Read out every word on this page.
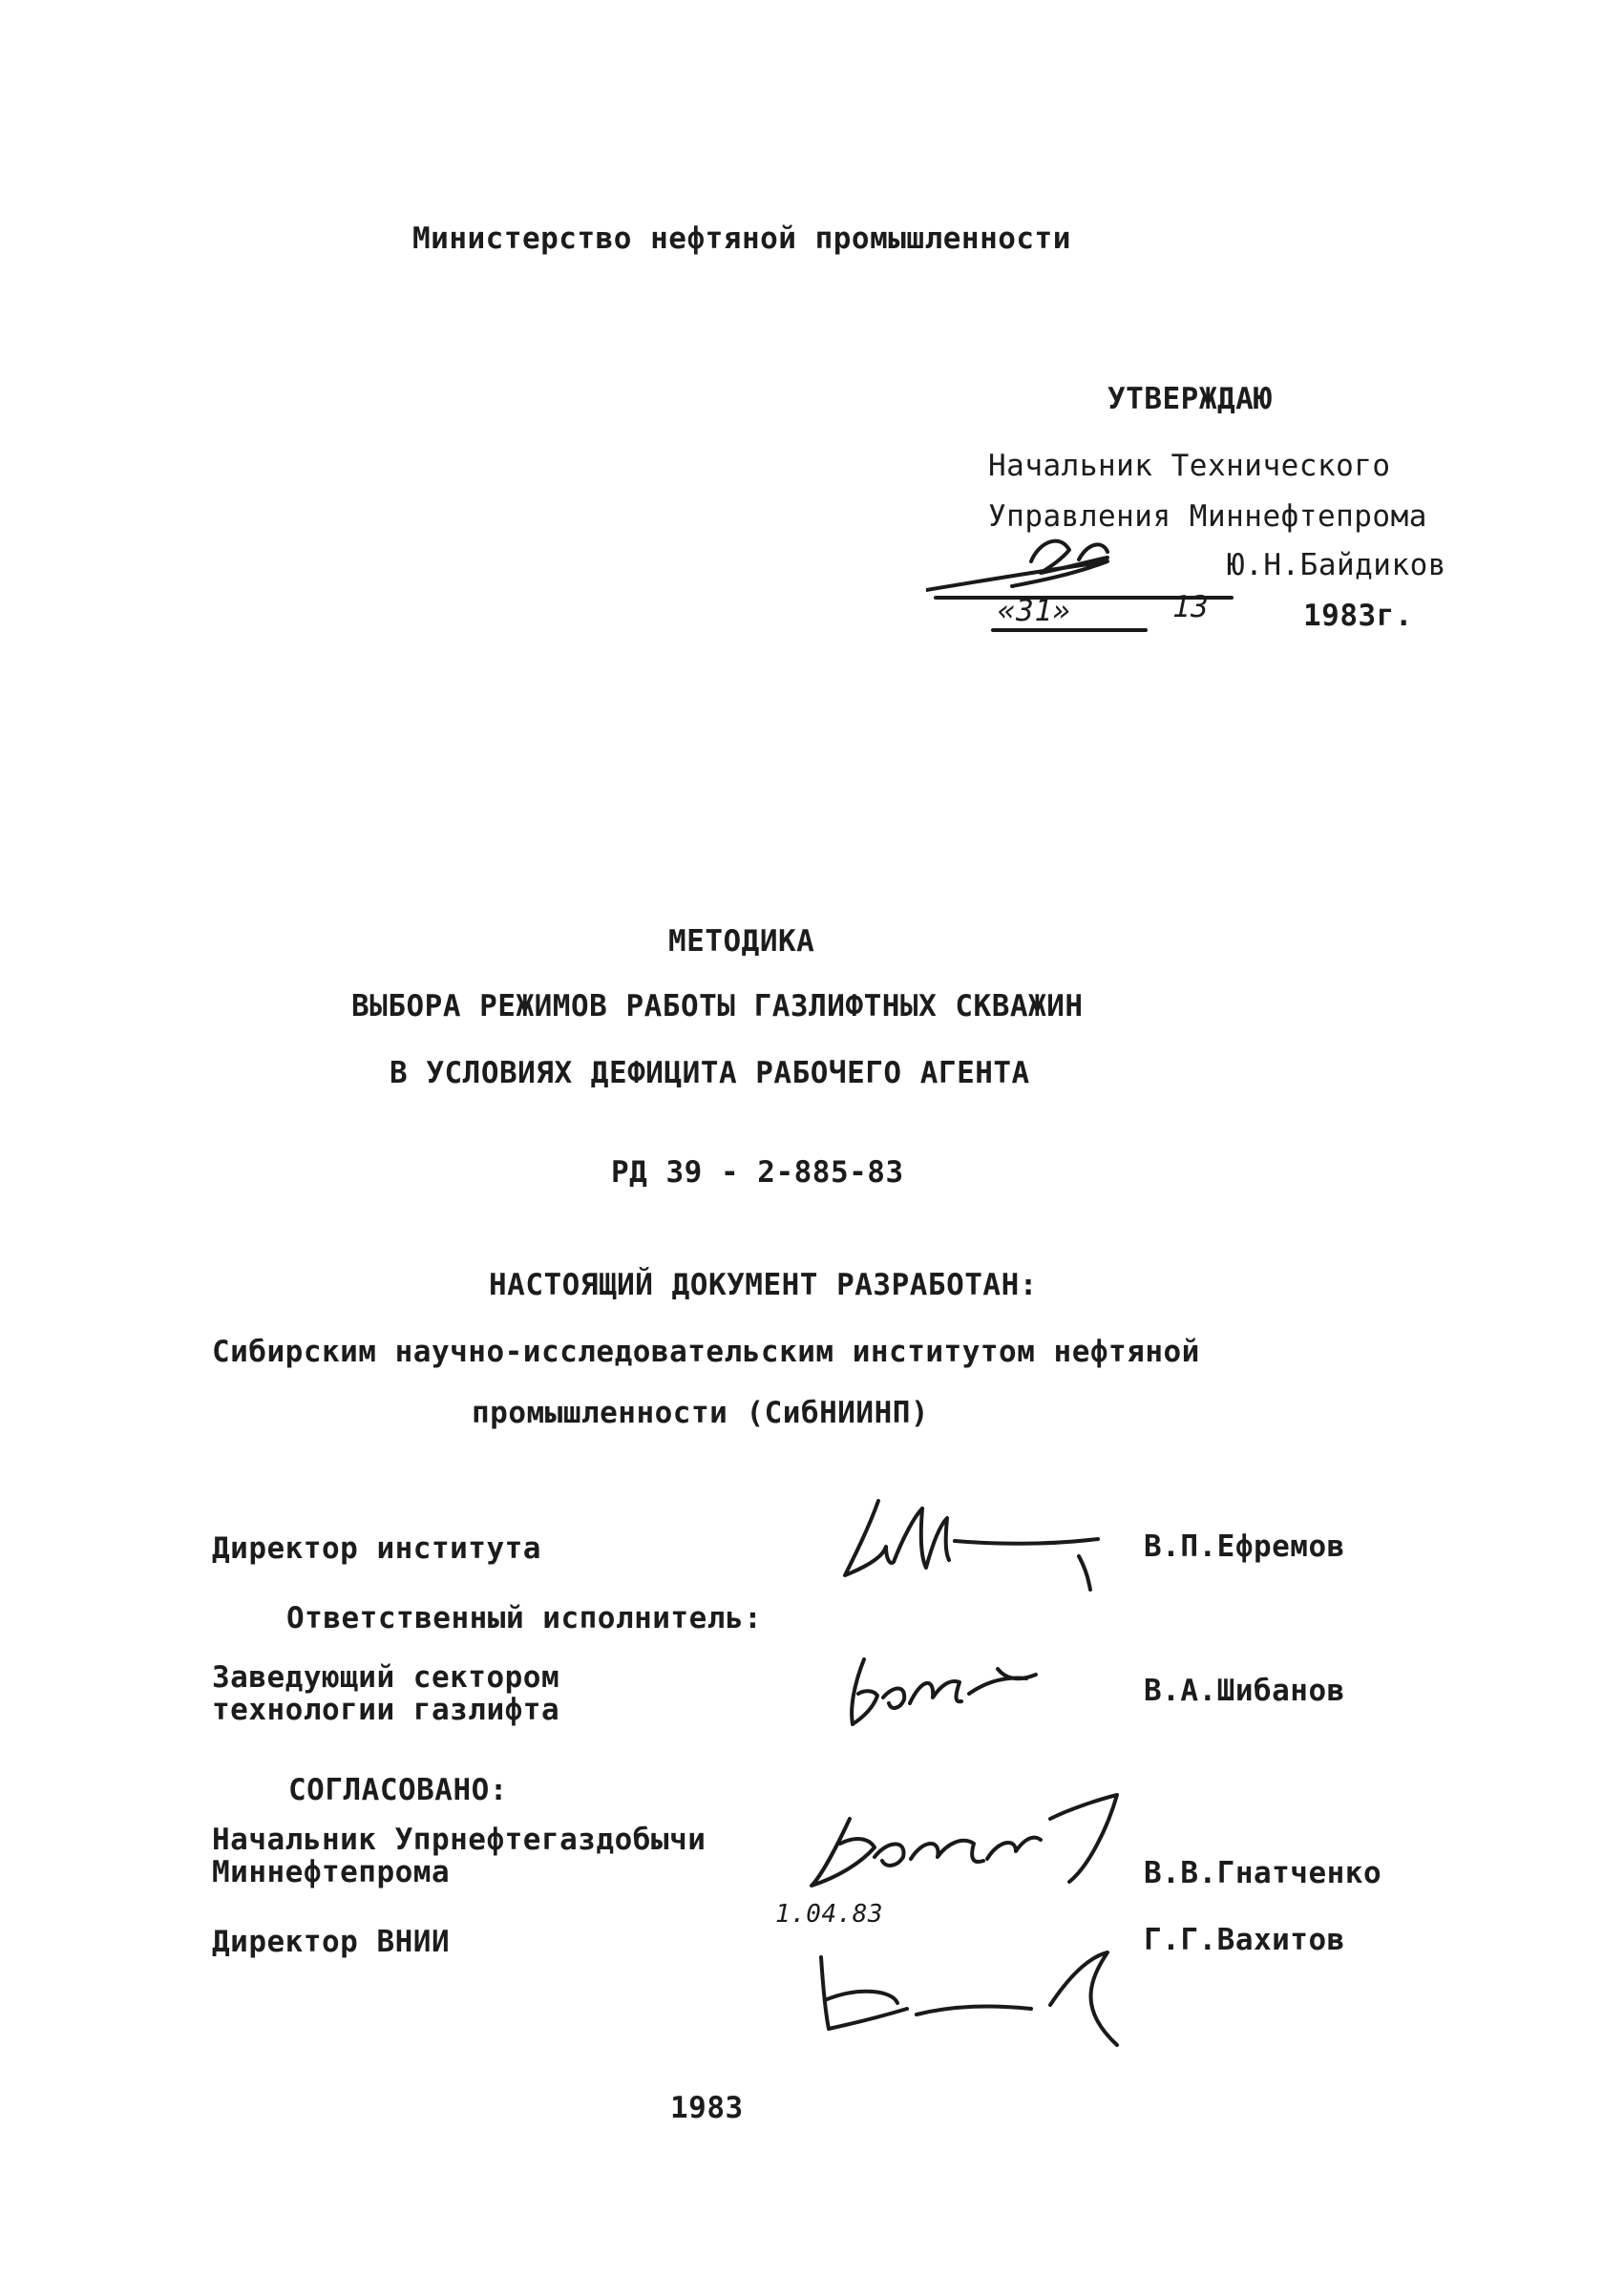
Министерство нефтяной промышленности
УТВЕРЖДАЮ
Начальник Технического
Управления Миннефтепрома
Ю.Н.Байдиков
«31»	13	1983г.
МЕТОДИКА
ВЫБОРА РЕЖИМОВ РАБОТЫ ГАЗЛИФТНЫХ СКВАЖИН
В УСЛОВИЯХ ДЕФИЦИТА РАБОЧЕГО АГЕНТА
РД 39 - 2-885-83
НАСТОЯЩИЙ ДОКУМЕНТ РАЗРАБОТАН:
Сибирским научно-исследовательским институтом нефтяной
промышленности (СибНИИНП)
Директор института	В.П.Ефремов
Ответственный исполнитель:
Заведующий сектором
технологии газлифта
В.А.Шибанов
СОГЛАСОВАНО:
Начальник Упрнефтегаздобычи
Миннефтепрома
1.04.83
В.В.Гнатченко
Директор ВНИИ	Г.Г.Вахитов
1983
